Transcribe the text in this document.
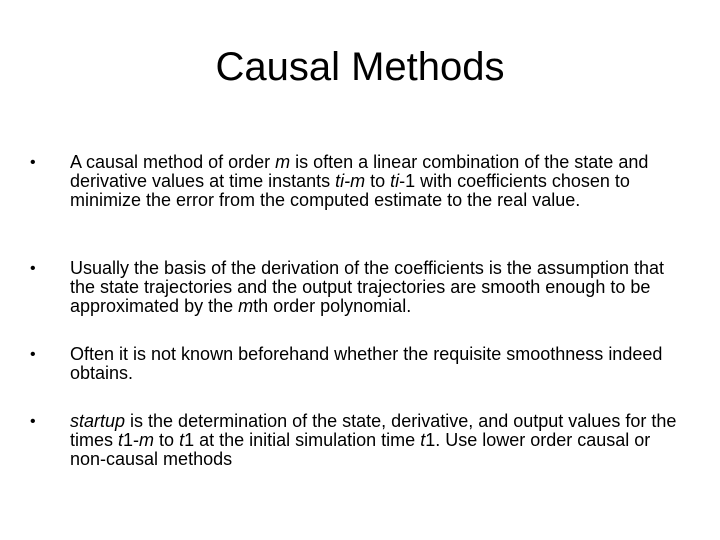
Causal Methods
• A causal method of order m is often a linear combination of the state and derivative values at time instants ti-m to ti-1 with coefficients chosen to minimize the error from the computed estimate to the real value.
• Usually the basis of the derivation of the coefficients is the assumption that the state trajectories and the output trajectories are smooth enough to be approximated by the mth order polynomial.
• Often it is not known beforehand whether the requisite smoothness indeed obtains.
• startup is the determination of the state, derivative, and output values for the times t1-m to t1 at the initial simulation time t1. Use lower order causal or non-causal methods
